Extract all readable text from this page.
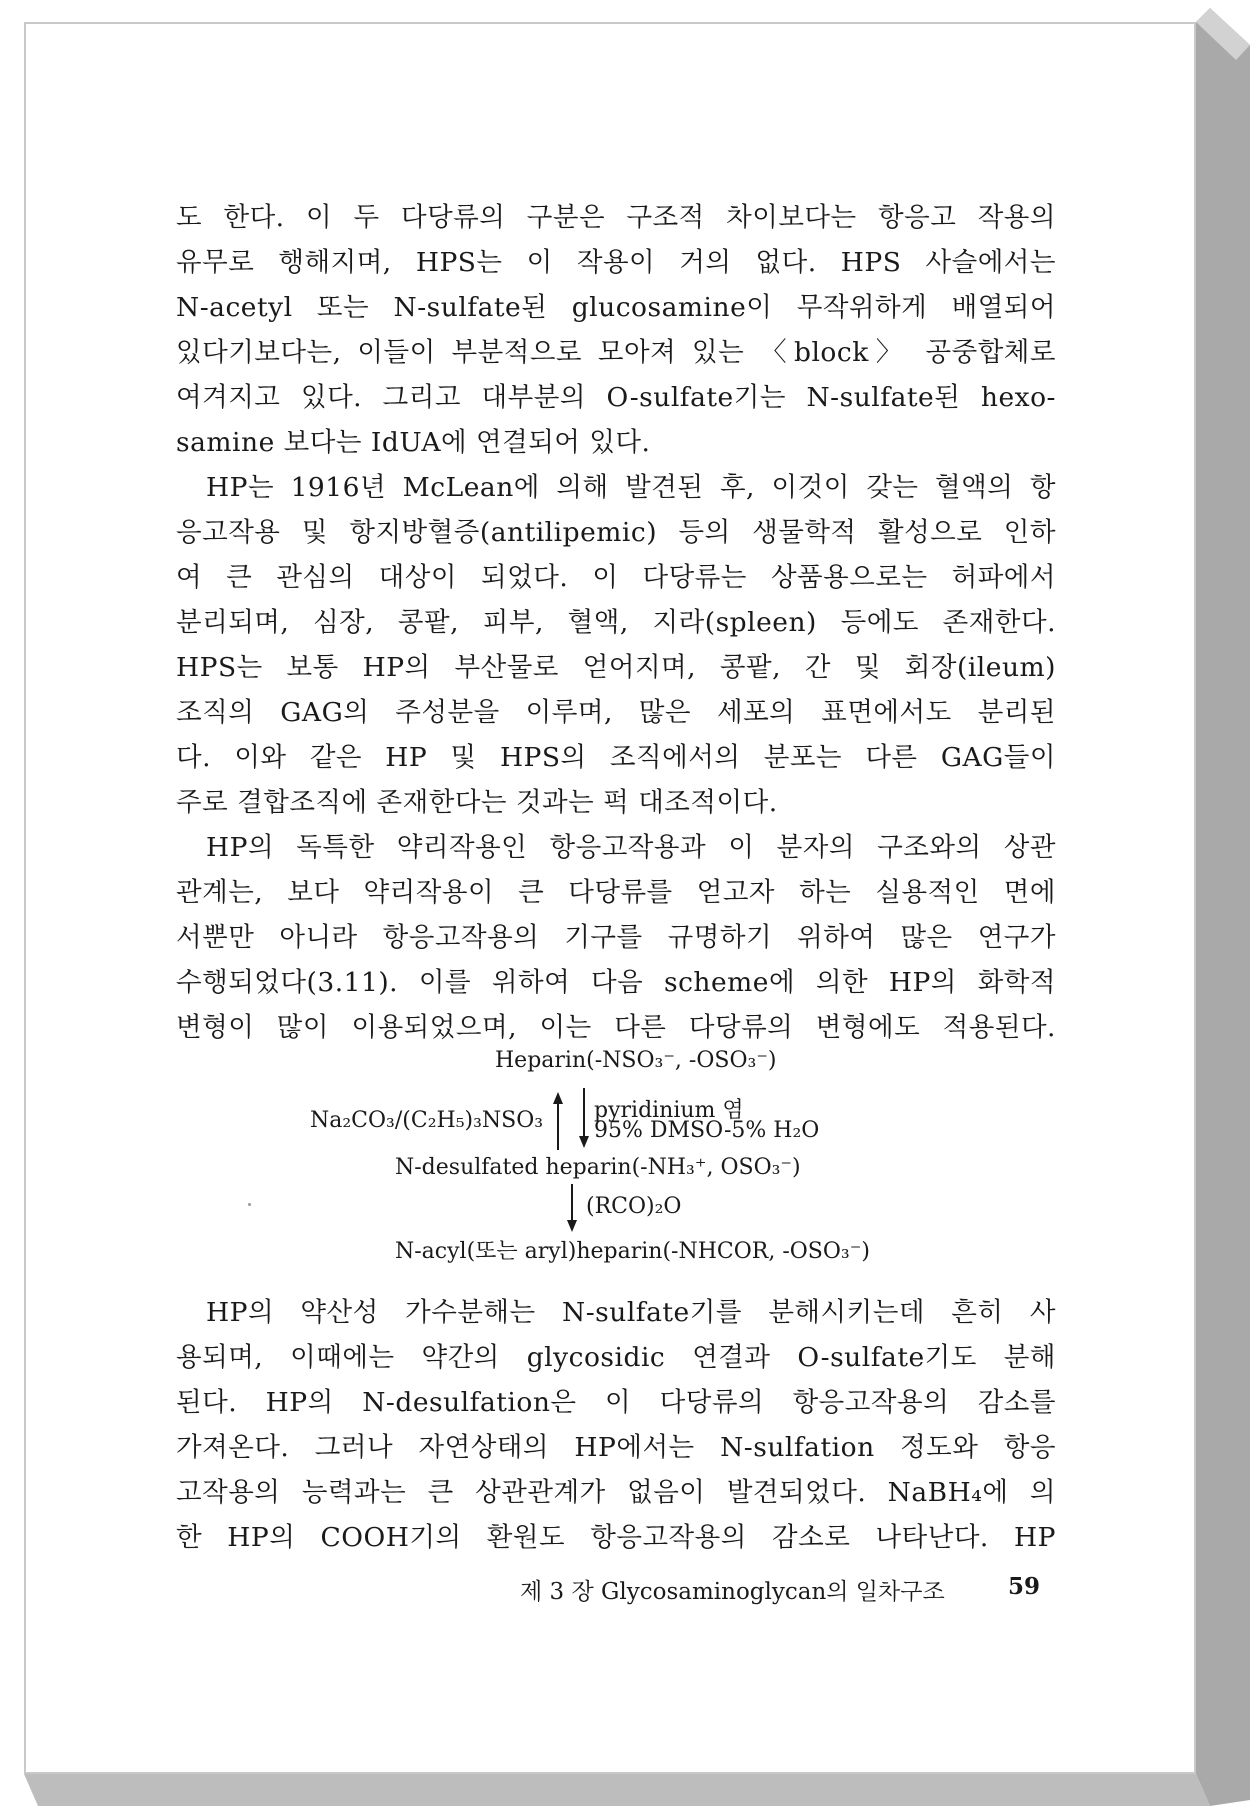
도 한다. 이 두 다당류의 구분은 구조적 차이보다는 항응고 작용의
유무로 행해지며, HPS는 이 작용이 거의 없다. HPS 사슬에서는
N-acetyl 또는 N-sulfate된 glucosamine이 무작위하게 배열되어
있다기보다는, 이들이 부분적으로 모아져 있는 〈block〉 공중합체로
여겨지고 있다. 그리고 대부분의 O-sulfate기는 N-sulfate된 hexo-
samine 보다는 IdUA에 연결되어 있다.
HP는 1916년 McLean에 의해 발견된 후, 이것이 갖는 혈액의 항
응고작용 및 항지방혈증(antilipemic) 등의 생물학적 활성으로 인하
여 큰 관심의 대상이 되었다. 이 다당류는 상품용으로는 허파에서
분리되며, 심장, 콩팥, 피부, 혈액, 지라(spleen) 등에도 존재한다.
HPS는 보통 HP의 부산물로 얻어지며, 콩팥, 간 및 회장(ileum)
조직의 GAG의 주성분을 이루며, 많은 세포의 표면에서도 분리된
다. 이와 같은 HP 및 HPS의 조직에서의 분포는 다른 GAG들이
주로 결합조직에 존재한다는 것과는 퍽 대조적이다.
HP의 독특한 약리작용인 항응고작용과 이 분자의 구조와의 상관
관계는, 보다 약리작용이 큰 다당류를 얻고자 하는 실용적인 면에
서뿐만 아니라 항응고작용의 기구를 규명하기 위하여 많은 연구가
수행되었다(3.11). 이를 위하여 다음 scheme에 의한 HP의 화학적
변형이 많이 이용되었으며, 이는 다른 다당류의 변형에도 적용된다.
Heparin(-NSO₃⁻, -OSO₃⁻)
Na₂CO₃/(C₂H₅)₃NSO₃ pyridinium 염
95% DMSO-5% H₂O
N-desulfated heparin(-NH₃⁺, OSO₃⁻)
(RCO)₂O
N-acyl(또는 aryl)heparin(-NHCOR, -OSO₃⁻)
HP의 약산성 가수분해는 N-sulfate기를 분해시키는데 흔히 사
용되며, 이때에는 약간의 glycosidic 연결과 O-sulfate기도 분해
된다. HP의 N-desulfation은 이 다당류의 항응고작용의 감소를
가져온다. 그러나 자연상태의 HP에서는 N-sulfation 정도와 항응
고작용의 능력과는 큰 상관관계가 없음이 발견되었다. NaBH₄에 의
한 HP의 COOH기의 환원도 항응고작용의 감소로 나타난다. HP
제 3 장 Glycosaminoglycan의 일차구조	59
